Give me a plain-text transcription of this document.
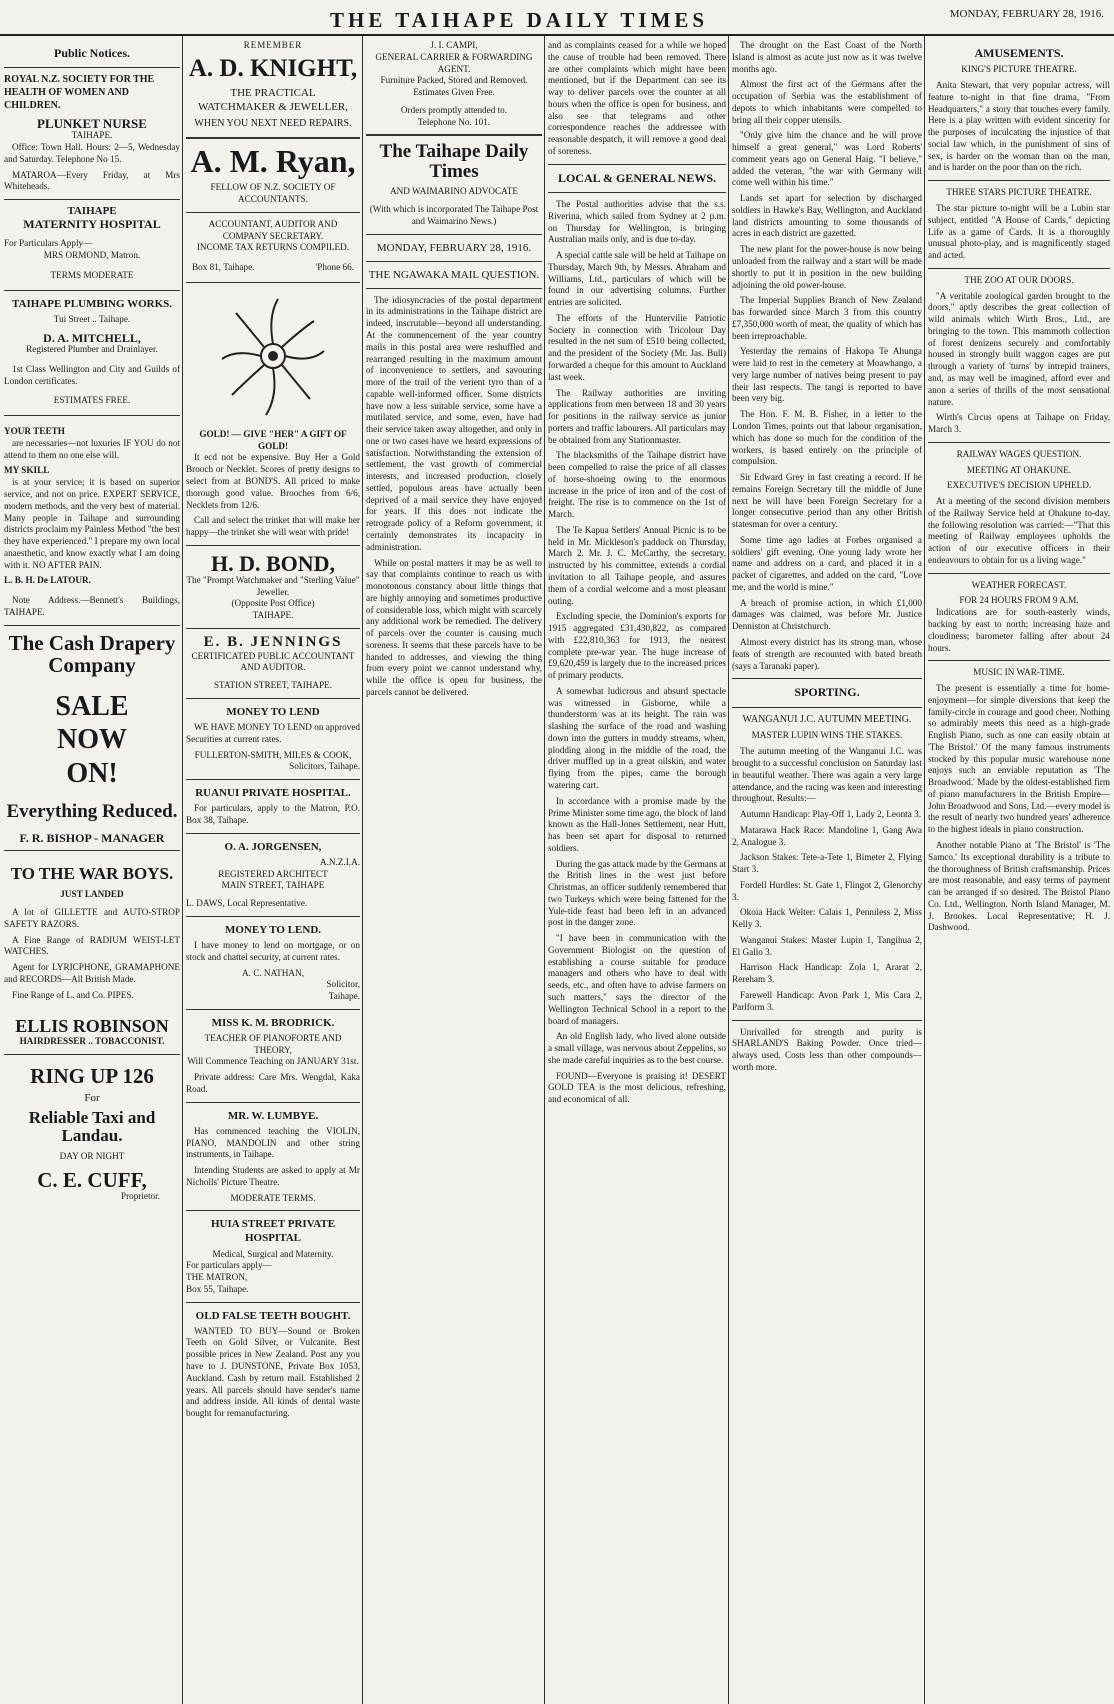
THE TAIHAPE DAILY TIMES	MONDAY, FEBRUARY 28, 1916.
Public Notices.
ROYAL N.Z. SOCIETY FOR THE HEALTH OF WOMEN AND CHILDREN.
PLUNKET NURSE
TAIHAPE.

Office: Town Hall. Hours: 2—5, Wednesday and Saturday. Telephone No 15.

MATAROA—Every Friday, at Mrs Whiteheads.

TAIHAPE
MATERNITY HOSPITAL
For Particulars Apply—
MRS ORMOND, Matron.
TERMS MODERATE
TAIHAPE PLUMBING WORKS.
Tui Street .. Taihape.
D. A. MITCHELL,
Registered Plumber and Drainlayer.

1st Class Wellington and City and Guilds of London certificates.

ESTIMATES FREE.
YOUR TEETH

are necessaries—not luxuries IF YOU do not attend to them no one else will.

MY SKILL

is at your service; it is based on superior service, and not on price. EXPERT SERVICE, modern methods, and the very best of material. Many people in Taihape and surrounding districts proclaim my Painless Method "the best they have experienced." I prepare my own local anaesthetic, and know exactly what I am doing with it. NO AFTER PAIN.

L. B. H. De LATOUR.

Note Address.—Bennett's Buildings, TAIHAPE.

The Cash Drapery
Company
SALE
NOW
ON!
Everything Reduced.
F. R. BISHOP - MANAGER
TO THE WAR BOYS.
JUST LANDED

A lot of GILLETTE and AUTO-STROP SAFETY RAZORS.

A Fine Range of RADIUM WEIST-LET WATCHES.

Agent for LYRICPHONE, GRAMAPHONE and RECORDS—All British Made.

Fine Range of L. and Co. PIPES.

ELLIS ROBINSON
HAIRDRESSER .. TOBACCONIST.
RING UP 126
For
Reliable Taxi and
Landau.
DAY OR NIGHT
C. E. CUFF,
Proprietor.
REMEMBER
A. D. KNIGHT,
THE PRACTICAL
WATCHMAKER & JEWELLER,
WHEN YOU NEXT NEED REPAIRS.
A. M. Ryan,
FELLOW OF N.Z. SOCIETY OF ACCOUNTANTS.
ACCOUNTANT, AUDITOR AND COMPANY SECRETARY.
INCOME TAX RETURNS COMPILED.
Box 81, Taihape.	'Phone 66.
GOLD! — GIVE "HER" A GIFT OF GOLD!

It ecd not be expensive. Buy Her a Gold Brooch or Necklet. Scores of pretty designs to select from at BOND'S. All priced to make thorough good value. Brooches from 6/6, Necklets from 12/6.

Call and select the trinket that will make her happy—the trinket she will wear with pride!

H. D. BOND,
The "Prompt Watchmaker and "Sterling Value" Jeweller.
(Opposite Post Office)
TAIHAPE.
E. B. JENNINGS
CERTIFICATED PUBLIC ACCOUNTANT AND AUDITOR.
STATION STREET, TAIHAPE.
MONEY TO LEND

WE HAVE MONEY TO LEND on approved Securities at current rates.

FULLERTON-SMITH, MILES & COOK,
Solicitors, Taihape.
RUANUI PRIVATE HOSPITAL.

For particulars, apply to the Matron, P.O. Box 38, Taihape.

O. A. JORGENSEN,
A.N.Z.I.A.
REGISTERED ARCHITECT
MAIN STREET, TAIHAPE
L. DAWS, Local Representative.
MONEY TO LEND.

I have money to lend on mortgage, or on stock and chattel security, at current rates.

A. C. NATHAN,
Solicitor,
Taihape.
MISS K. M. BRODRICK.
TEACHER OF PIANOFORTE AND THEORY,
Will Commence Teaching on JANUARY 31st.

Private address: Care Mrs. Wengdal, Kaka Road.

MR. W. LUMBYE.

Has commenced teaching the VIOLIN, PIANO, MANDOLIN and other string instruments, in Taihape.

Intending Students are asked to apply at Mr Nicholls' Picture Theatre.

MODERATE TERMS.
HUIA STREET PRIVATE HOSPITAL
Medical, Surgical and Maternity.
For particulars apply—
THE MATRON,
Box 55, Taihape.
OLD FALSE TEETH BOUGHT.

WANTED TO BUY—Sound or Broken Teeth on Gold Silver, or Vulcanite. Best possible prices in New Zealand. Post any you have to J. DUNSTONE, Private Box 1053, Auckland. Cash by return mail. Established 2 years. All parcels should have sender's name and address inside. All kinds of dental waste bought for remanufacturing.

J. I. CAMPI,
GENERAL CARRIER & FORWARDING AGENT.
Furniture Packed, Stored and Removed.
Estimates Given Free.
Orders promptly attended to.
Telephone No. 101.
The Taihape Daily Times
AND WAIMARINO ADVOCATE
(With which is incorporated The Taihape Post and Waimarino News.)
MONDAY, FEBRUARY 28, 1916.
THE NGAWAKA MAIL QUESTION.

The idiosyncracies of the postal department in its administrations in the Taihape district are indeed, inscrutable—beyond all understanding. At the commencement of the year country mails in this postal area were reshuffled and rearranged resulting in the maximum amount of inconvenience to settlers, and savouring more of the trail of the verient tyro than of a capable well-informed officer. Some districts have now a less suitable service, some have a mutilated service, and some, even, have had their service taken away altogether, and only in one or two cases have we heard expressions of satisfaction. Notwithstanding the extension of settlement, the vast growth of commercial interests, and increased production, closely settled, populous areas have actually been deprived of a mail service they have enjoyed for years. If this does not indicate the retrograde policy of a Reform government, it certainly demonstrates its incapacity in administration.

While on postal matters it may be as well to say that complaints continue to reach us with monotonous constancy about little things that are highly annoying and sometimes productive of considerable loss, which might with scarcely any additional work be remedied. The delivery of parcels over the counter is causing much soreness. It seems that these parcels have to be handed to addresses, and viewing the thing from every point we cannot understand why, while the office is open for business, the parcels cannot be delivered.

and as complaints ceased for a while we hoped the cause of trouble had been removed. There are other complaints which might have been mentioned, but if the Department can see its way to deliver parcels over the counter at all hours when the office is open for business, and also see that telegrams and other correspondence reaches the addressee with reasonable despatch, it will remove a good deal of soreness.

LOCAL & GENERAL NEWS.

The Postal authorities advise that the s.s. Riverina, which sailed from Sydney at 2 p.m. on Thursday for Wellington, is bringing Australian mails only, and is due to-day.

A special cattle sale will be held at Taihape on Thursday, March 9th, by Messrs. Abraham and Williams, Ltd., particulars of which will be found in our advertising columns. Further entries are solicited.

The efforts of the Huntervilie Patriotic Society in connection with Tricolour Day resulted in the net sum of £510 being collected, and the president of the Society (Mr. Jas. Bull) forwarded a cheque for this amount to Auckland last week.

The Railway authorities are inviting applications from men between 18 and 30 years for positions in the railway service as junior porters and traffic labourers. All particulars may be obtained from any Stationmaster.

The blacksmiths of the Taihape district have been compelled to raise the price of all classes of horse-shoeing owing to the enormous increase in the price of iron and of the cost of freight. The rise is to commence on the 1st of March.

The Te Kapua Settlers' Annual Picnic is to be held in Mr. Mickleson's paddock on Thursday, March 2. Mr. J. C. McCarthy, the secretary, instructed by his committee, extends a cordial invitation to all Taihape people, and assures them of a cordial welcome and a most pleasant outing.

Excluding specie, the Dominion's exports for 1915 aggregated £31,430,822, as compared with £22,810,363 for 1913, the nearest complete pre-war year. The huge increase of £9,620,459 is largely due to the increased prices of primary products.

A somewhat ludicrous and absurd spectacle was witnessed in Gisborne, while a thunderstorm was at its height. The rain was slashing the surface of the road and washing down into the gutters in muddy streams, when, plodding along in the middle of the road, the driver muffled up in a great oilskin, and water flying from the pipes, came the borough watering cart.

In accordance with a promise made by the Prime Minister some time ago, the block of land known as the Hall-Jones Settlement, near Hutt, has been set apart for disposal to returned soldiers.

During the gas attack made by the Germans at the British lines in the west just before Christmas, an officer suddenly remembered that two Turkeys which were being fattened for the Yule-tide feast had been left in an advanced post in the danger zone.

"I have been in communication with the Government Biologist on the question of establishing a course suitable for produce managers and others who have to deal with seeds, etc., and often have to advise farmers on such matters," says the director of the Wellington Technical School in a report to the board of managers.

An old English lady, who lived alone outside a small village, was nervous about Zeppelins, so she made careful inquiries as to the best course.

FOUND—Everyone is praising it! DESERT GOLD TEA is the most delicious, refreshing, and economical of all.

The drought on the East Coast of the North Island is almost as acute just now as it was twelve months ago.

Almost the first act of the Germans after the occupation of Serbia was the establishment of depots to which inhabitants were compelled to bring all their copper utensils.

"Only give him the chance and he will prove himself a great general," was Lord Roberts' comment years ago on General Haig. "I believe," added the veteran, "the war with Germany will come well within his time."

Lands set apart for selection by discharged soldiers in Hawke's Bay, Wellington, and Auckland land districts amounting to some thousands of acres in each district are gazetted.

The new plant for the power-house is now being unloaded from the railway and a start will be made shortly to put it in position in the new building adjoining the old power-house.

The Imperial Supplies Branch of New Zealand has forwarded since March 3 from this country £7,350,000 worth of meat, the quality of which has been irreproachable.

Yesterday the remains of Hakopa Te Ahunga were laid to rest in the cemetery at Moawhango, a very large number of natives being present to pay their last respects. The tangi is reported to have been very big.

The Hon. F. M. B. Fisher, in a letter to the London Times, points out that labour organisation, which has done so much for the condition of the workers, is based entirely on the principle of compulsion.

Sir Edward Grey in fast creating a record. If he remains Foreign Secretary till the middle of June next he will have been Foreign Secretary for a longer consecutive period than any other British statesman for over a century.

Some time ago ladies at Forbes organised a soldiers' gift evening. One young lady wrote her name and address on a card, and placed it in a packet of cigarettes, and added on the card, "Love me, and the world is mine."

A breach of promise action, in which £1,000 damages was claimed, was before Mr. Justice Denniston at Christchurch.

Almost every district has its strong man, whose feats of strength are recounted with bated breath (says a Taranaki paper).

SPORTING.
WANGANUI J.C. AUTUMN MEETING.
MASTER LUPIN WINS THE STAKES.

The autumn meeting of the Wanganui J.C. was brought to a successful conclusion on Saturday last in beautiful weather. There was again a very large attendance, and the racing was keen and interesting throughout. Results:—

Autumn Handicap: Play-Off 1, Lady 2, Leonta 3.

Matarawa Hack Race: Mandoline 1, Gang Awa 2, Analogue 3.

Jackson Stakes: Tete-a-Tete 1, Bimeter 2, Flying Start 3.

Fordell Hurdles: St. Gate 1, Flingot 2, Glenorchy 3.

Okoia Hack Welter: Calais 1, Penniless 2, Miss Kelly 3.

Wanganui Stakes: Master Lupin 1, Tangihua 2, El Gallo 3.

Harrison Hack Handicap: Zola 1, Ararat 2, Rereham 3.

Farewell Handicap: Avon Park 1, Mis Cara 2, Parlform 3.

Unrivalled for strength and purity is SHARLAND'S Baking Powder. Once tried—always used. Costs less than other compounds—worth more.

AMUSEMENTS.
KING'S PICTURE THEATRE.

Anita Stewart, that very popular actress, will feature to-night in that fine drama, "From Headquarters," a story that touches every family. Here is a play written with evident sincerity for the purposes of inculcating the injustice of that social law which, in the punishment of sins of sex, is harder on the woman than on the man, and is harder on the poor than on the rich.

THREE STARS PICTURE THEATRE.

The star picture to-night will be a Lubin star subject, entitled "A House of Cards," depicting Life as a game of Cards. It is a thoroughly unusual photo-play, and is magnificently staged and acted.

THE ZOO AT OUR DOORS.

"A veritable zoological garden brought to the doors," aptly describes the great collection of wild animals which Wirth Bros., Ltd., are bringing to the town. This mammoth collection of forest denizens securely and comfortably housed in strongly built waggon cages are put through a variety of 'turns' by intrepid trainers, and, as may well be imagined, afford ever and anon a series of thrills of the most sensational nature.

Wirth's Circus opens at Taihape on Friday, March 3.

RAILWAY WAGES QUESTION.
MEETING AT OHAKUNE.
EXECUTIVE'S DECISION UPHELD.

At a meeting of the second division members of the Railway Service held at Ohakune to-day, the following resolution was carried:—"That this meeting of Railway employees upholds the action of our executive officers in their endeavours to obtain for us a living wage."

WEATHER FORECAST.
FOR 24 HOURS FROM 9 A.M.

Indications are for south-easterly winds, backing by east to north; increasing haze and cloudiness; barometer falling after about 24 hours.

MUSIC IN WAR-TIME.

The present is essentially a time for home-enjoyment—for simple diversions that keep the family-circle in courage and good cheer. Nothing so admirably meets this need as a high-grade English Piano, such as one can easily obtain at 'The Bristol.' Of the many famous instruments stocked by this popular music warehouse none enjoys such an enviable reputation as 'The Broadwood.' Made by the oldest-established firm of piano manufacturers in the British Empire—John Broadwood and Sons, Ltd.—every model is the result of nearly two hundred years' adherence to the highest ideals in piano construction.

Another notable Piano at 'The Bristol' is 'The Samco.' Its exceptional durability is a tribute to the thoroughness of British craftsmanship. Prices are most reasonable, and easy terms of payment can be arranged if so desired. The Bristol Piano Co. Ltd., Wellington. North Island Manager, M. J. Brookes. Local Representative; H. J. Dashwood.
